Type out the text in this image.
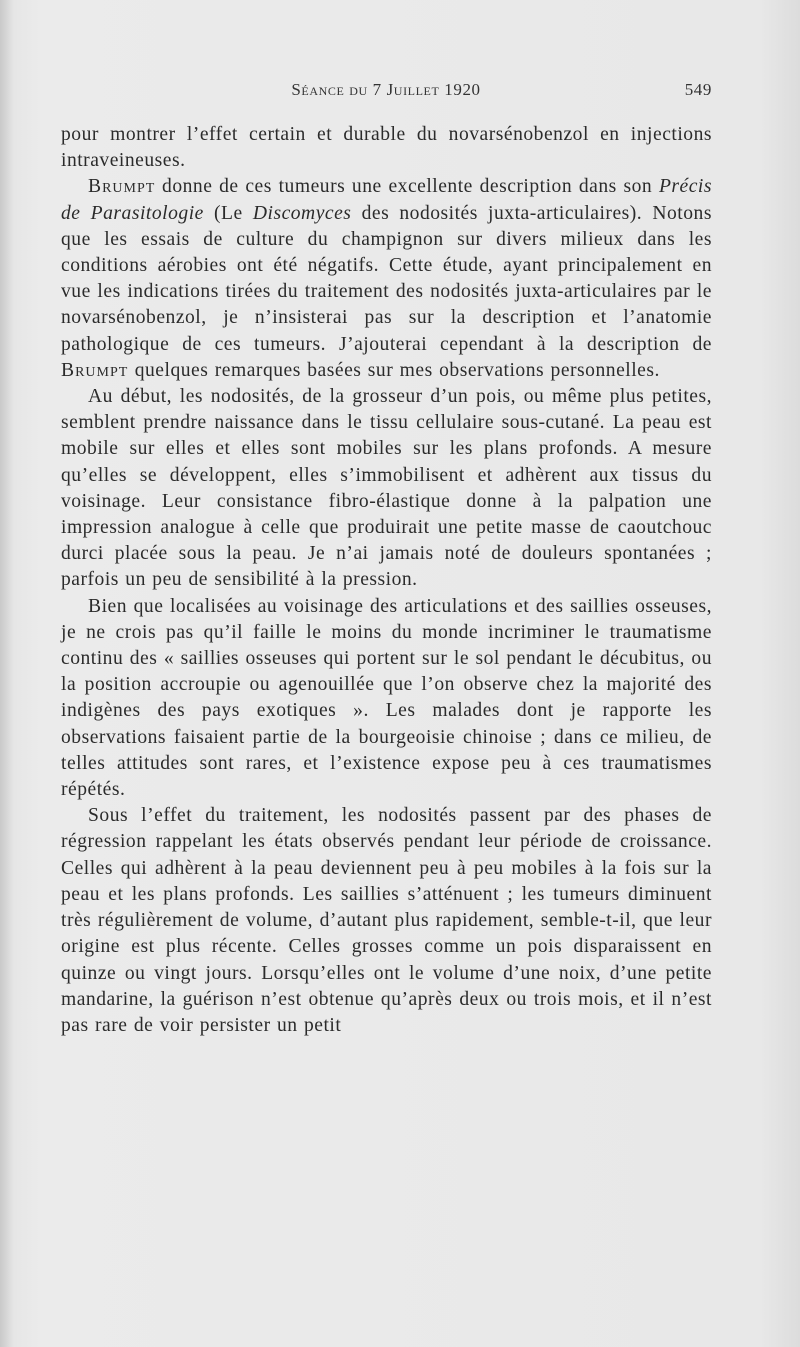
Séance du 7 Juillet 1920	549

pour montrer l’effet certain et durable du novarsénobenzol en injections intraveineuses.

Brumpt donne de ces tumeurs une excellente description dans son Précis de Parasitologie (Le Discomyces des nodosités juxta-articulaires). Notons que les essais de culture du champignon sur divers milieux dans les conditions aérobies ont été négatifs. Cette étude, ayant principalement en vue les indications tirées du traitement des nodosités juxta-articulaires par le novarsénobenzol, je n’insisterai pas sur la description et l’anatomie pathologique de ces tumeurs. J’ajouterai cependant à la description de Brumpt quelques remarques basées sur mes observations personnelles.

Au début, les nodosités, de la grosseur d’un pois, ou même plus petites, semblent prendre naissance dans le tissu cellulaire sous-cutané. La peau est mobile sur elles et elles sont mobiles sur les plans profonds. A mesure qu’elles se développent, elles s’immobilisent et adhèrent aux tissus du voisinage. Leur consistance fibro-élastique donne à la palpation une impression analogue à celle que produirait une petite masse de caoutchouc durci placée sous la peau. Je n’ai jamais noté de douleurs spontanées ; parfois un peu de sensibilité à la pression.

Bien que localisées au voisinage des articulations et des saillies osseuses, je ne crois pas qu’il faille le moins du monde incriminer le traumatisme continu des « saillies osseuses qui portent sur le sol pendant le décubitus, ou la position accroupie ou agenouillée que l’on observe chez la majorité des indigènes des pays exotiques ». Les malades dont je rapporte les observations faisaient partie de la bourgeoisie chinoise ; dans ce milieu, de telles attitudes sont rares, et l’existence expose peu à ces traumatismes répétés.

Sous l’effet du traitement, les nodosités passent par des phases de régression rappelant les états observés pendant leur période de croissance. Celles qui adhèrent à la peau deviennent peu à peu mobiles à la fois sur la peau et les plans profonds. Les saillies s’atténuent ; les tumeurs diminuent très régulièrement de volume, d’autant plus rapidement, semble-t-il, que leur origine est plus récente. Celles grosses comme un pois disparaissent en quinze ou vingt jours. Lorsqu’elles ont le volume d’une noix, d’une petite mandarine, la guérison n’est obtenue qu’après deux ou trois mois, et il n’est pas rare de voir persister un petit
